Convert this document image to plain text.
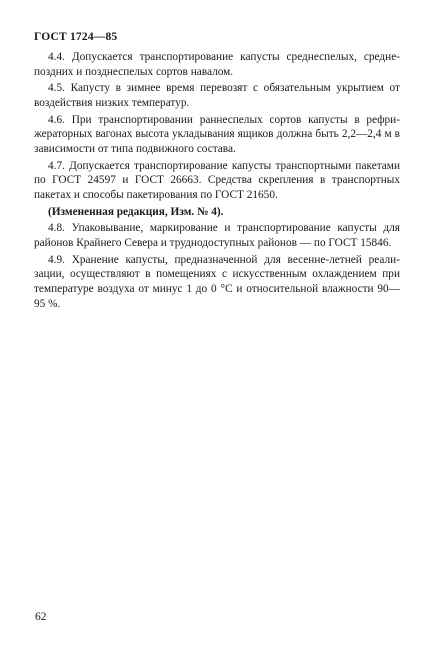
ГОСТ 1724—85

4.4. Допускается транспортирование капусты среднеспелых, среднепоздних и позднеспелых сортов навалом.

4.5. Капусту в зимнее время перевозят с обязательным укрытием от воздействия низких температур.

4.6. При транспортировании раннеспелых сортов капусты в рефрижераторных вагонах высота укладывания ящиков должна быть 2,2—2,4 м в зависимости от типа подвижного состава.

4.7. Допускается транспортирование капусты транспортными пакетами по ГОСТ 24597 и ГОСТ 26663. Средства скрепления в транспортных пакетах и способы пакетирования по ГОСТ 21650.

(Измененная редакция, Изм. № 4).

4.8. Упаковывание, маркирование и транспортирование капусты для районов Крайнего Севера и труднодоступных районов — по ГОСТ 15846.

4.9. Хранение капусты, предназначенной для весенне-летней реализации, осуществляют в помещениях с искусственным охлаждением при температуре воздуха от минус 1 до 0 °С и относительной влажности 90—95 %.

62
